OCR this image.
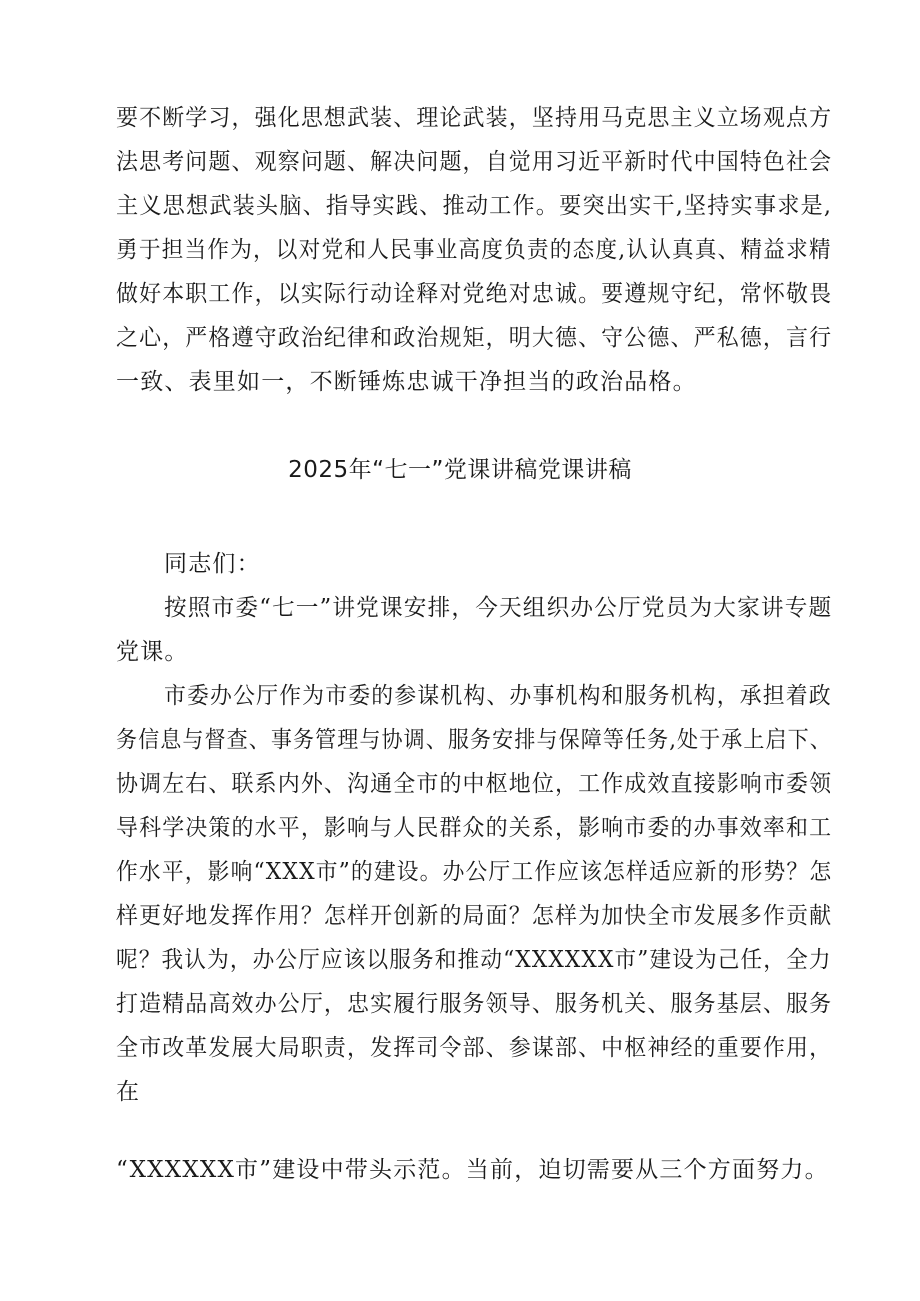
要不断学习，强化思想武装、理论武装，坚持用马克思主义立场观点方
法思考问题、观察问题、解决问题，自觉用习近平新时代中国特色社会
主义思想武装头脑、指导实践、推动工作。要突出实干,坚持实事求是,
勇于担当作为，以对党和人民事业高度负责的态度,认认真真、精益求精
做好本职工作，以实际行动诠释对党绝对忠诚。要遵规守纪，常怀敬畏
之心，严格遵守政治纪律和政治规矩，明大德、守公德、严私德，言行
一致、表里如一，不断锤炼忠诚干净担当的政治品格。
2025年“七一”党课讲稿党课讲稿
同志们：
按照市委“七一”讲党课安排，今天组织办公厅党员为大家讲专题
党课。
市委办公厅作为市委的参谋机构、办事机构和服务机构，承担着政
务信息与督查、事务管理与协调、服务安排与保障等任务,处于承上启下、
协调左右、联系内外、沟通全市的中枢地位，工作成效直接影响市委领
导科学决策的水平，影响与人民群众的关系，影响市委的办事效率和工
作水平，影响“XXX市”的建设。办公厅工作应该怎样适应新的形势？怎
样更好地发挥作用？怎样开创新的局面？怎样为加快全市发展多作贡献
呢？我认为，办公厅应该以服务和推动“XXXXXX市”建设为己任，全力
打造精品高效办公厅，忠实履行服务领导、服务机关、服务基层、服务
全市改革发展大局职责，发挥司令部、参谋部、中枢神经的重要作用，
在
“XXXXXX市”建设中带头示范。当前，迫切需要从三个方面努力。
